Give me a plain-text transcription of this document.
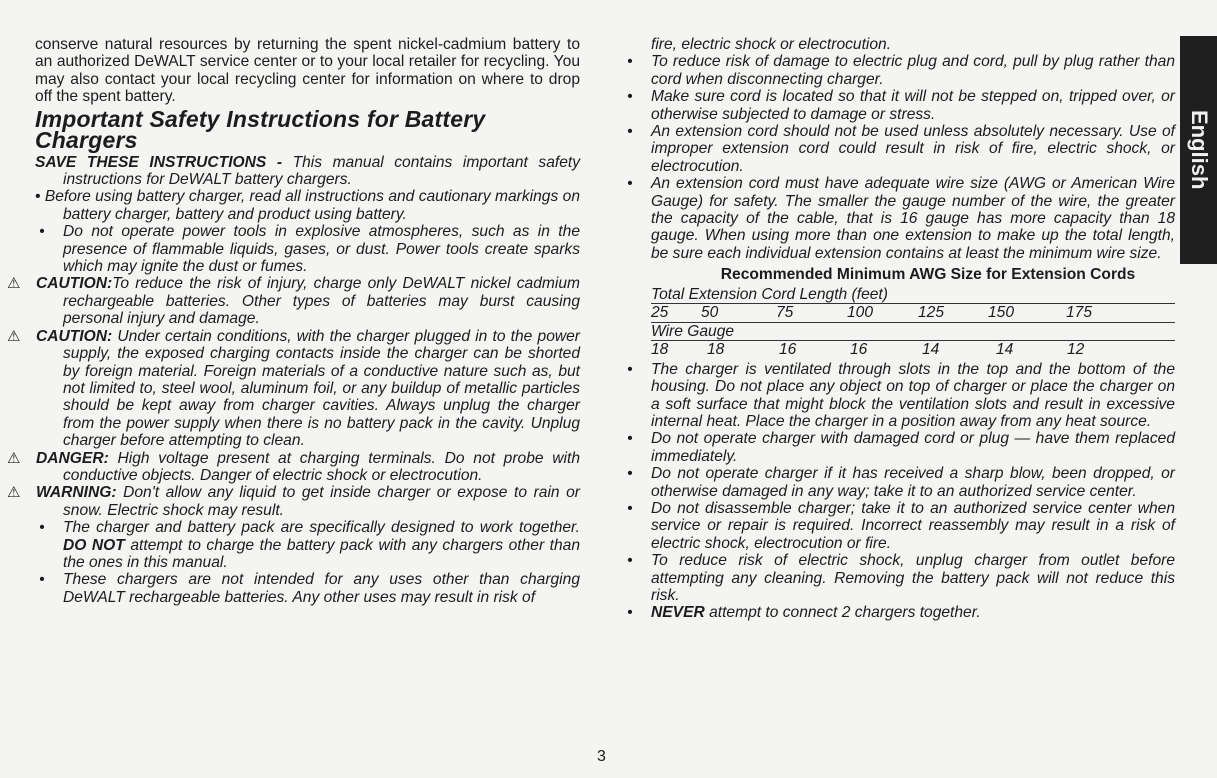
conserve natural resources by returning the spent nickel-cadmium battery to an authorized DeWALT service center or to your local retailer for recycling. You may also contact your local recycling center for information on where to drop off the spent battery.

Important Safety Instructions for Battery Chargers

SAVE THESE INSTRUCTIONS - This manual contains important safety instructions for DeWALT battery chargers.

• Before using battery charger, read all instructions and cautionary markings on battery charger, battery and product using battery.

• Do not operate power tools in explosive atmospheres, such as in the presence of flammable liquids, gases, or dust. Power tools create sparks which may ignite the dust or fumes.

⚠ CAUTION:To reduce the risk of injury, charge only DeWALT nickel cadmium rechargeable batteries. Other types of batteries may burst causing personal injury and damage.

⚠ CAUTION: Under certain conditions, with the charger plugged in to the power supply, the exposed charging contacts inside the charger can be shorted by foreign material. Foreign materials of a conductive nature such as, but not limited to, steel wool, aluminum foil, or any buildup of metallic particles should be kept away from charger cavities. Always unplug the charger from the power supply when there is no battery pack in the cavity. Unplug charger before attempting to clean.

⚠ DANGER: High voltage present at charging terminals. Do not probe with conductive objects. Danger of electric shock or electrocution.

⚠ WARNING: Don't allow any liquid to get inside charger or expose to rain or snow. Electric shock may result.

• The charger and battery pack are specifically designed to work together. DO NOT attempt to charge the battery pack with any chargers other than the ones in this manual.
• These chargers are not intended for any uses other than charging DeWALT rechargeable batteries. Any other uses may result in risk of

fire, electric shock or electrocution.

• To reduce risk of damage to electric plug and cord, pull by plug rather than cord when disconnecting charger.
• Make sure cord is located so that it will not be stepped on, tripped over, or otherwise subjected to damage or stress.
• An extension cord should not be used unless absolutely necessary. Use of improper extension cord could result in risk of fire, electric shock, or electrocution.
• An extension cord must have adequate wire size (AWG or American Wire Gauge) for safety. The smaller the gauge number of the wire, the greater the capacity of the cable, that is 16 gauge has more capacity than 18 gauge. When using more than one extension to make up the total length, be sure each individual extension contains at least the minimum wire size.
Recommended Minimum AWG Size for Extension Cords
Total Extension Cord Length (feet)
25 50	75	100	125	150	175
Wire Gauge
18 18	16	16	14	14	12
• The charger is ventilated through slots in the top and the bottom of the housing. Do not place any object on top of charger or place the charger on a soft surface that might block the ventilation slots and result in excessive internal heat. Place the charger in a position away from any heat source.
• Do not operate charger with damaged cord or plug — have them replaced immediately.
• Do not operate charger if it has received a sharp blow, been dropped, or otherwise damaged in any way; take it to an authorized service center.
• Do not disassemble charger; take it to an authorized service center when service or repair is required. Incorrect reassembly may result in a risk of electric shock, electrocution or fire.
• To reduce risk of electric shock, unplug charger from outlet before attempting any cleaning. Removing the battery pack will not reduce this risk.
• NEVER attempt to connect 2 chargers together.
3
English
